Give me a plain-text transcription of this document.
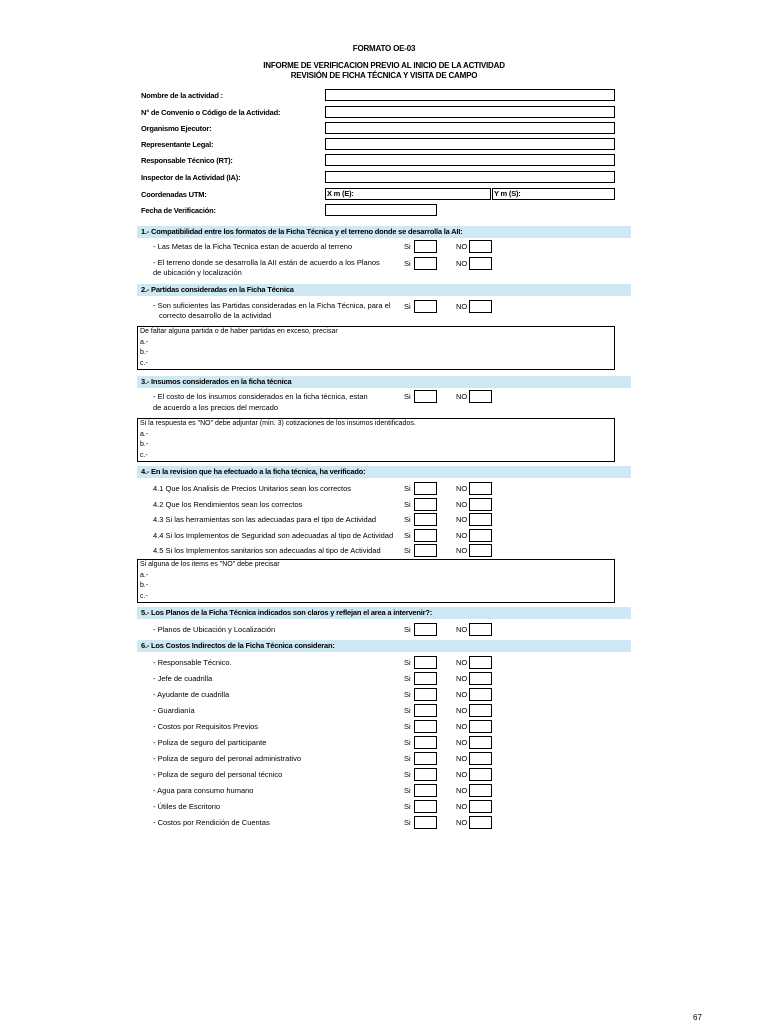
FORMATO OE-03
INFORME DE VERIFICACION PREVIO AL INICIO DE LA ACTIVIDAD
REVISIÓN DE FICHA TÉCNICA Y VISITA DE CAMPO
Nombre de la actividad :
N° de Convenio o Código de la Actividad:
Organismo Ejecutor:
Representante Legal:
Responsable Técnico (RT):
Inspector de la Actividad (IA):
Coordenadas UTM:	X m (E):	Y m (S):
Fecha de Verificación:
1.- Compatibilidad entre los formatos de la Ficha Técnica y el terreno donde se desarrolla la AII:
- Las Metas de la Ficha Tecnica estan de acuerdo al terreno	Si	NO
- El terreno donde se desarrolla la AII están de acuerdo a los Planos
de ubicación y localización
Si	NO
2.- Partidas consideradas en la Ficha Técnica
- Son suficientes las Partidas consideradas en la Ficha Técnica, para el
correcto desarrollo de la actividad
Si	NO
De faltar alguna partida o de haber partidas en exceso, precisar
a.-
b.-
c.-
3.- Insumos considerados en la ficha técnica
- El costo de los insumos considerados en la ficha técnica, estan
de acuerdo a los precios del mercado
Si	NO
Si la respuesta es "NO" debe adjuntar (mín. 3) cotizaciones de los insumos identificados.
a.-
b.-
c.-
4.- En la revision que ha efectuado a la ficha técnica, ha verificado:
4.1 Que los Analisis de Precios Unitarios sean los correctos	Si	NO
4.2 Que los Rendimientos sean los correctos	Si	NO
4.3 Si las herramientas son las adecuadas para el tipo de Actividad	Si	NO
4.4 Si los Implementos de Seguridad son adecuadas al tipo de Actividad Si	NO
4.5 Si los Implementos sanitarios son adecuadas al tipo de Actividad	Si	NO
Si alguna de los items es "NO" debe precisar
a.-
b.-
c.-
5.- Los Planos de la Ficha Técnica indicados son claros y reflejan el area a intervenir?:
- Planos de Ubicación y Localización	Si	NO
6.- Los Costos Indirectos de la Ficha Técnica consideran:
- Responsable Técnico.	Si	NO
- Jefe de cuadrilla	Si	NO
- Ayudante de cuadrilla	Si	NO
- Guardianía	Si	NO
- Costos por Requisitos Previos	Si	NO
- Poliza de seguro del participante	Si	NO
- Poliza de seguro del peronal administrativo	Si	NO
- Poliza de seguro del personal técnico	Si	NO
- Agua para consumo humano	Si	NO
- Útiles de Escritorio	Si	NO
- Costos por Rendición de Cuentas	Si	NO
67
